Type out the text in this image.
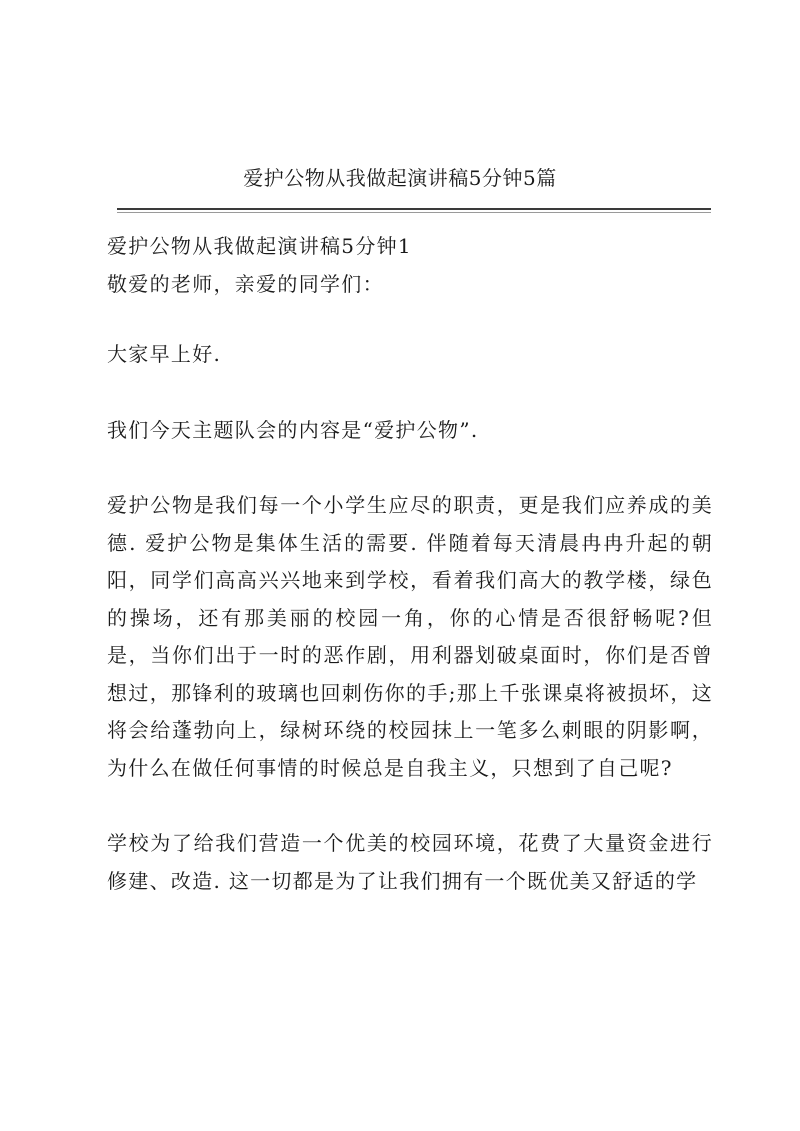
爱护公物从我做起演讲稿5分钟5篇

爱护公物从我做起演讲稿5分钟1

敬爱的老师，亲爱的同学们：

大家早上好.

我们今天主题队会的内容是“爱护公物”.

爱护公物是我们每一个小学生应尽的职责，更是我们应养成的美德. 爱护公物是集体生活的需要. 伴随着每天清晨冉冉升起的朝阳，同学们高高兴兴地来到学校，看着我们高大的教学楼，绿色的操场，还有那美丽的校园一角，你的心情是否很舒畅呢?但是，当你们出于一时的恶作剧，用利器划破桌面时，你们是否曾想过，那锋利的玻璃也回刺伤你的手;那上千张课桌将被损坏，这将会给蓬勃向上，绿树环绕的校园抹上一笔多么刺眼的阴影啊，为什么在做任何事情的时候总是自我主义，只想到了自己呢?

学校为了给我们营造一个优美的校园环境，花费了大量资金进行修建、改造. 这一切都是为了让我们拥有一个既优美又舒适的学
